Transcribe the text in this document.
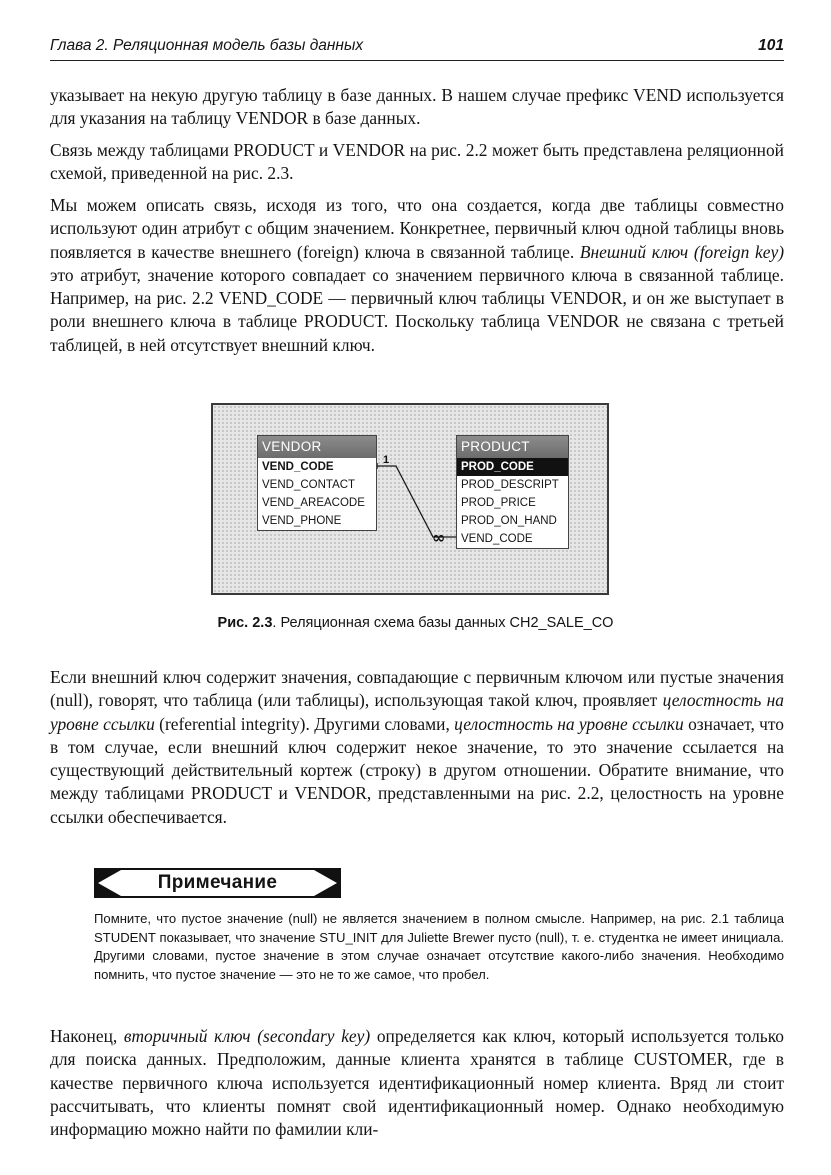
Глава 2. Реляционная модель базы данных	101

указывает на некую другую таблицу в базе данных. В нашем случае префикс VEND используется для указания на таблицу VENDOR в базе данных.

Связь между таблицами PRODUCT и VENDOR на рис. 2.2 может быть представлена реляционной схемой, приведенной на рис. 2.3.

Мы можем описать связь, исходя из того, что она создается, когда две таблицы совместно используют один атрибут с общим значением. Конкретнее, первичный ключ одной таблицы вновь появляется в качестве внешнего (foreign) ключа в связанной таблице. Внешний ключ (foreign key) это атрибут, значение которого совпадает со значением первичного ключа в связанной таблице. Например, на рис. 2.2 VEND_CODE — первичный ключ таблицы VENDOR, и он же выступает в роли внешнего ключа в таблице PRODUCT. Поскольку таблица VENDOR не связана с третьей таблицей, в ней отсутствует внешний ключ.

1
∞
VENDOR
VEND_CODE
VEND_CONTACT
VEND_AREACODE
VEND_PHONE
PRODUCT
PROD_CODE
PROD_DESCRIPT
PROD_PRICE
PROD_ON_HAND
VEND_CODE
Рис. 2.3. Реляционная схема базы данных CH2_SALE_CO

Если внешний ключ содержит значения, совпадающие с первичным ключом или пустые значения (null), говорят, что таблица (или таблицы), использующая такой ключ, проявляет целостность на уровне ссылки (referential integrity). Другими словами, целостность на уровне ссылки означает, что в том случае, если внешний ключ содержит некое значение, то это значение ссылается на существующий действительный кортеж (строку) в другом отношении. Обратите внимание, что между таблицами PRODUCT и VENDOR, представленными на рис. 2.2, целостность на уровне ссылки обеспечивается.

Примечание

Помните, что пустое значение (null) не является значением в полном смысле. Например, на рис. 2.1 таблица STUDENT показывает, что значение STU_INIT для Juliette Brewer пусто (null), т. е. студентка не имеет инициала. Другими словами, пустое значение в этом случае означает отсутствие какого-либо значения. Необходимо помнить, что пустое значение — это не то же самое, что пробел.

Наконец, вторичный ключ (secondary key) определяется как ключ, который используется только для поиска данных. Предположим, данные клиента хранятся в таблице CUSTOMER, где в качестве первичного ключа используется идентификационный номер клиента. Вряд ли стоит рассчитывать, что клиенты помнят свой идентификационный номер. Однако необходимую информацию можно найти по фамилии кли-
